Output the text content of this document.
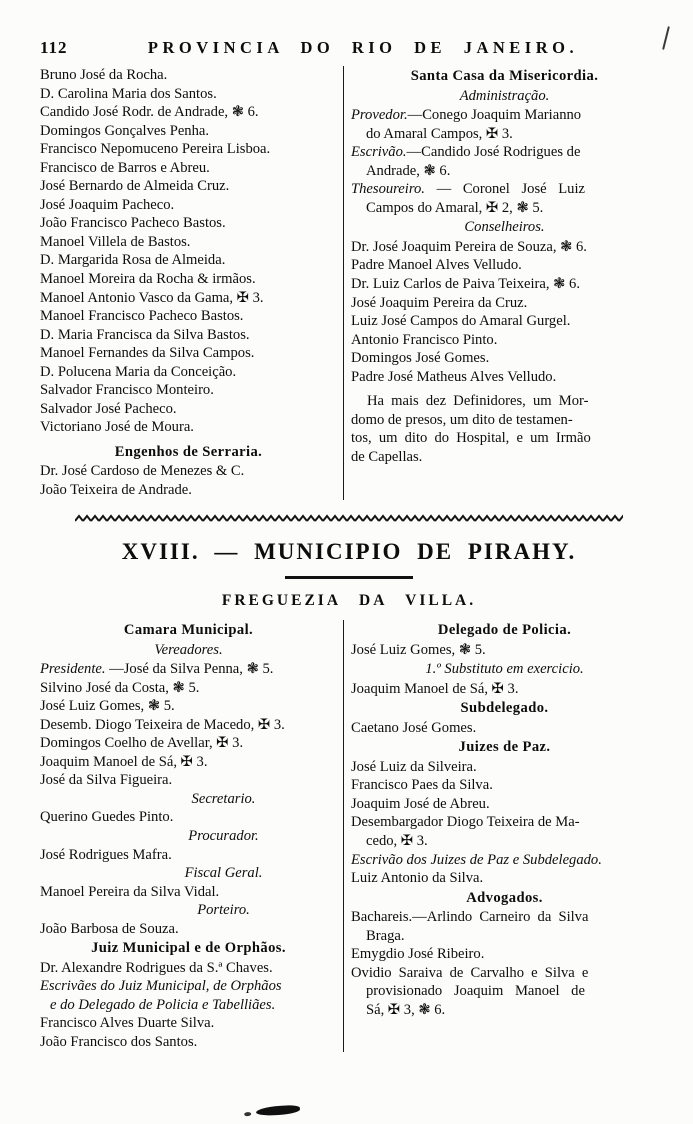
112	PROVINCIA DO RIO DE JANEIRO.
Bruno José da Rocha.
D. Carolina Maria dos Santos.
Candido José Rodr. de Andrade, ❃ 6.
Domingos Gonçalves Penha.
Francisco Nepomuceno Pereira Lisboa.
Francisco de Barros e Abreu.
José Bernardo de Almeida Cruz.
José Joaquim Pacheco.
João Francisco Pacheco Bastos.
Manoel Villela de Bastos.
D. Margarida Rosa de Almeida.
Manoel Moreira da Rocha & irmãos.
Manoel Antonio Vasco da Gama, ✠ 3.
Manoel Francisco Pacheco Bastos.
D. Maria Francisca da Silva Bastos.
Manoel Fernandes da Silva Campos.
D. Polucena Maria da Conceição.
Salvador Francisco Monteiro.
Salvador José Pacheco.
Victoriano José de Moura.
Engenhos de Serraria.
Dr. José Cardoso de Menezes & C.
João Teixeira de Andrade.
Santa Casa da Misericordia.
Administração.
Provedor.—Conego Joaquim Marianno
do Amaral Campos, ✠ 3.
Escrivão.—Candido José Rodrigues de
Andrade, ❃ 6.
Thesoureiro. — Coronel José Luiz
Campos do Amaral, ✠ 2, ❃ 5.
Conselheiros.
Dr. José Joaquim Pereira de Souza, ❃ 6.
Padre Manoel Alves Velludo.
Dr. Luiz Carlos de Paiva Teixeira, ❃ 6.
José Joaquim Pereira da Cruz.
Luiz José Campos do Amaral Gurgel.
Antonio Francisco Pinto.
Domingos José Gomes.
Padre José Matheus Alves Velludo.
Ha mais dez Definidores, um Mor-
domo de presos, um dito de testamen-
tos, um dito do Hospital, e um Irmão
de Capellas.
XVIII. — MUNICIPIO DE PIRAHY.
FREGUEZIA DA VILLA.
Camara Municipal.
Vereadores.
Presidente. —José da Silva Penna, ❃ 5.
Silvino José da Costa, ❃ 5.
José Luiz Gomes, ❃ 5.
Desemb. Diogo Teixeira de Macedo, ✠ 3.
Domingos Coelho de Avellar, ✠ 3.
Joaquim Manoel de Sá, ✠ 3.
José da Silva Figueira.
Secretario.
Querino Guedes Pinto.
Procurador.
José Rodrigues Mafra.
Fiscal Geral.
Manoel Pereira da Silva Vidal.
Porteiro.
João Barbosa de Souza.
Juiz Municipal e de Orphãos.
Dr. Alexandre Rodrigues da S.ª Chaves.
Escrivães do Juiz Municipal, de Orphãos
e do Delegado de Policia e Tabelliães.
Francisco Alves Duarte Silva.
João Francisco dos Santos.
Delegado de Policia.
José Luiz Gomes, ❃ 5.
1.º Substituto em exercicio.
Joaquim Manoel de Sá, ✠ 3.
Subdelegado.
Caetano José Gomes.
Juizes de Paz.
José Luiz da Silveira.
Francisco Paes da Silva.
Joaquim José de Abreu.
Desembargador Diogo Teixeira de Ma-
cedo, ✠ 3.
Escrivão dos Juizes de Paz e Subdelegado.
Luiz Antonio da Silva.
Advogados.
Bachareis.—Arlindo Carneiro da Silva
Braga.
Emygdio José Ribeiro.
Ovidio Saraiva de Carvalho e Silva e
provisionado Joaquim Manoel de
Sá, ✠ 3, ❃ 6.
